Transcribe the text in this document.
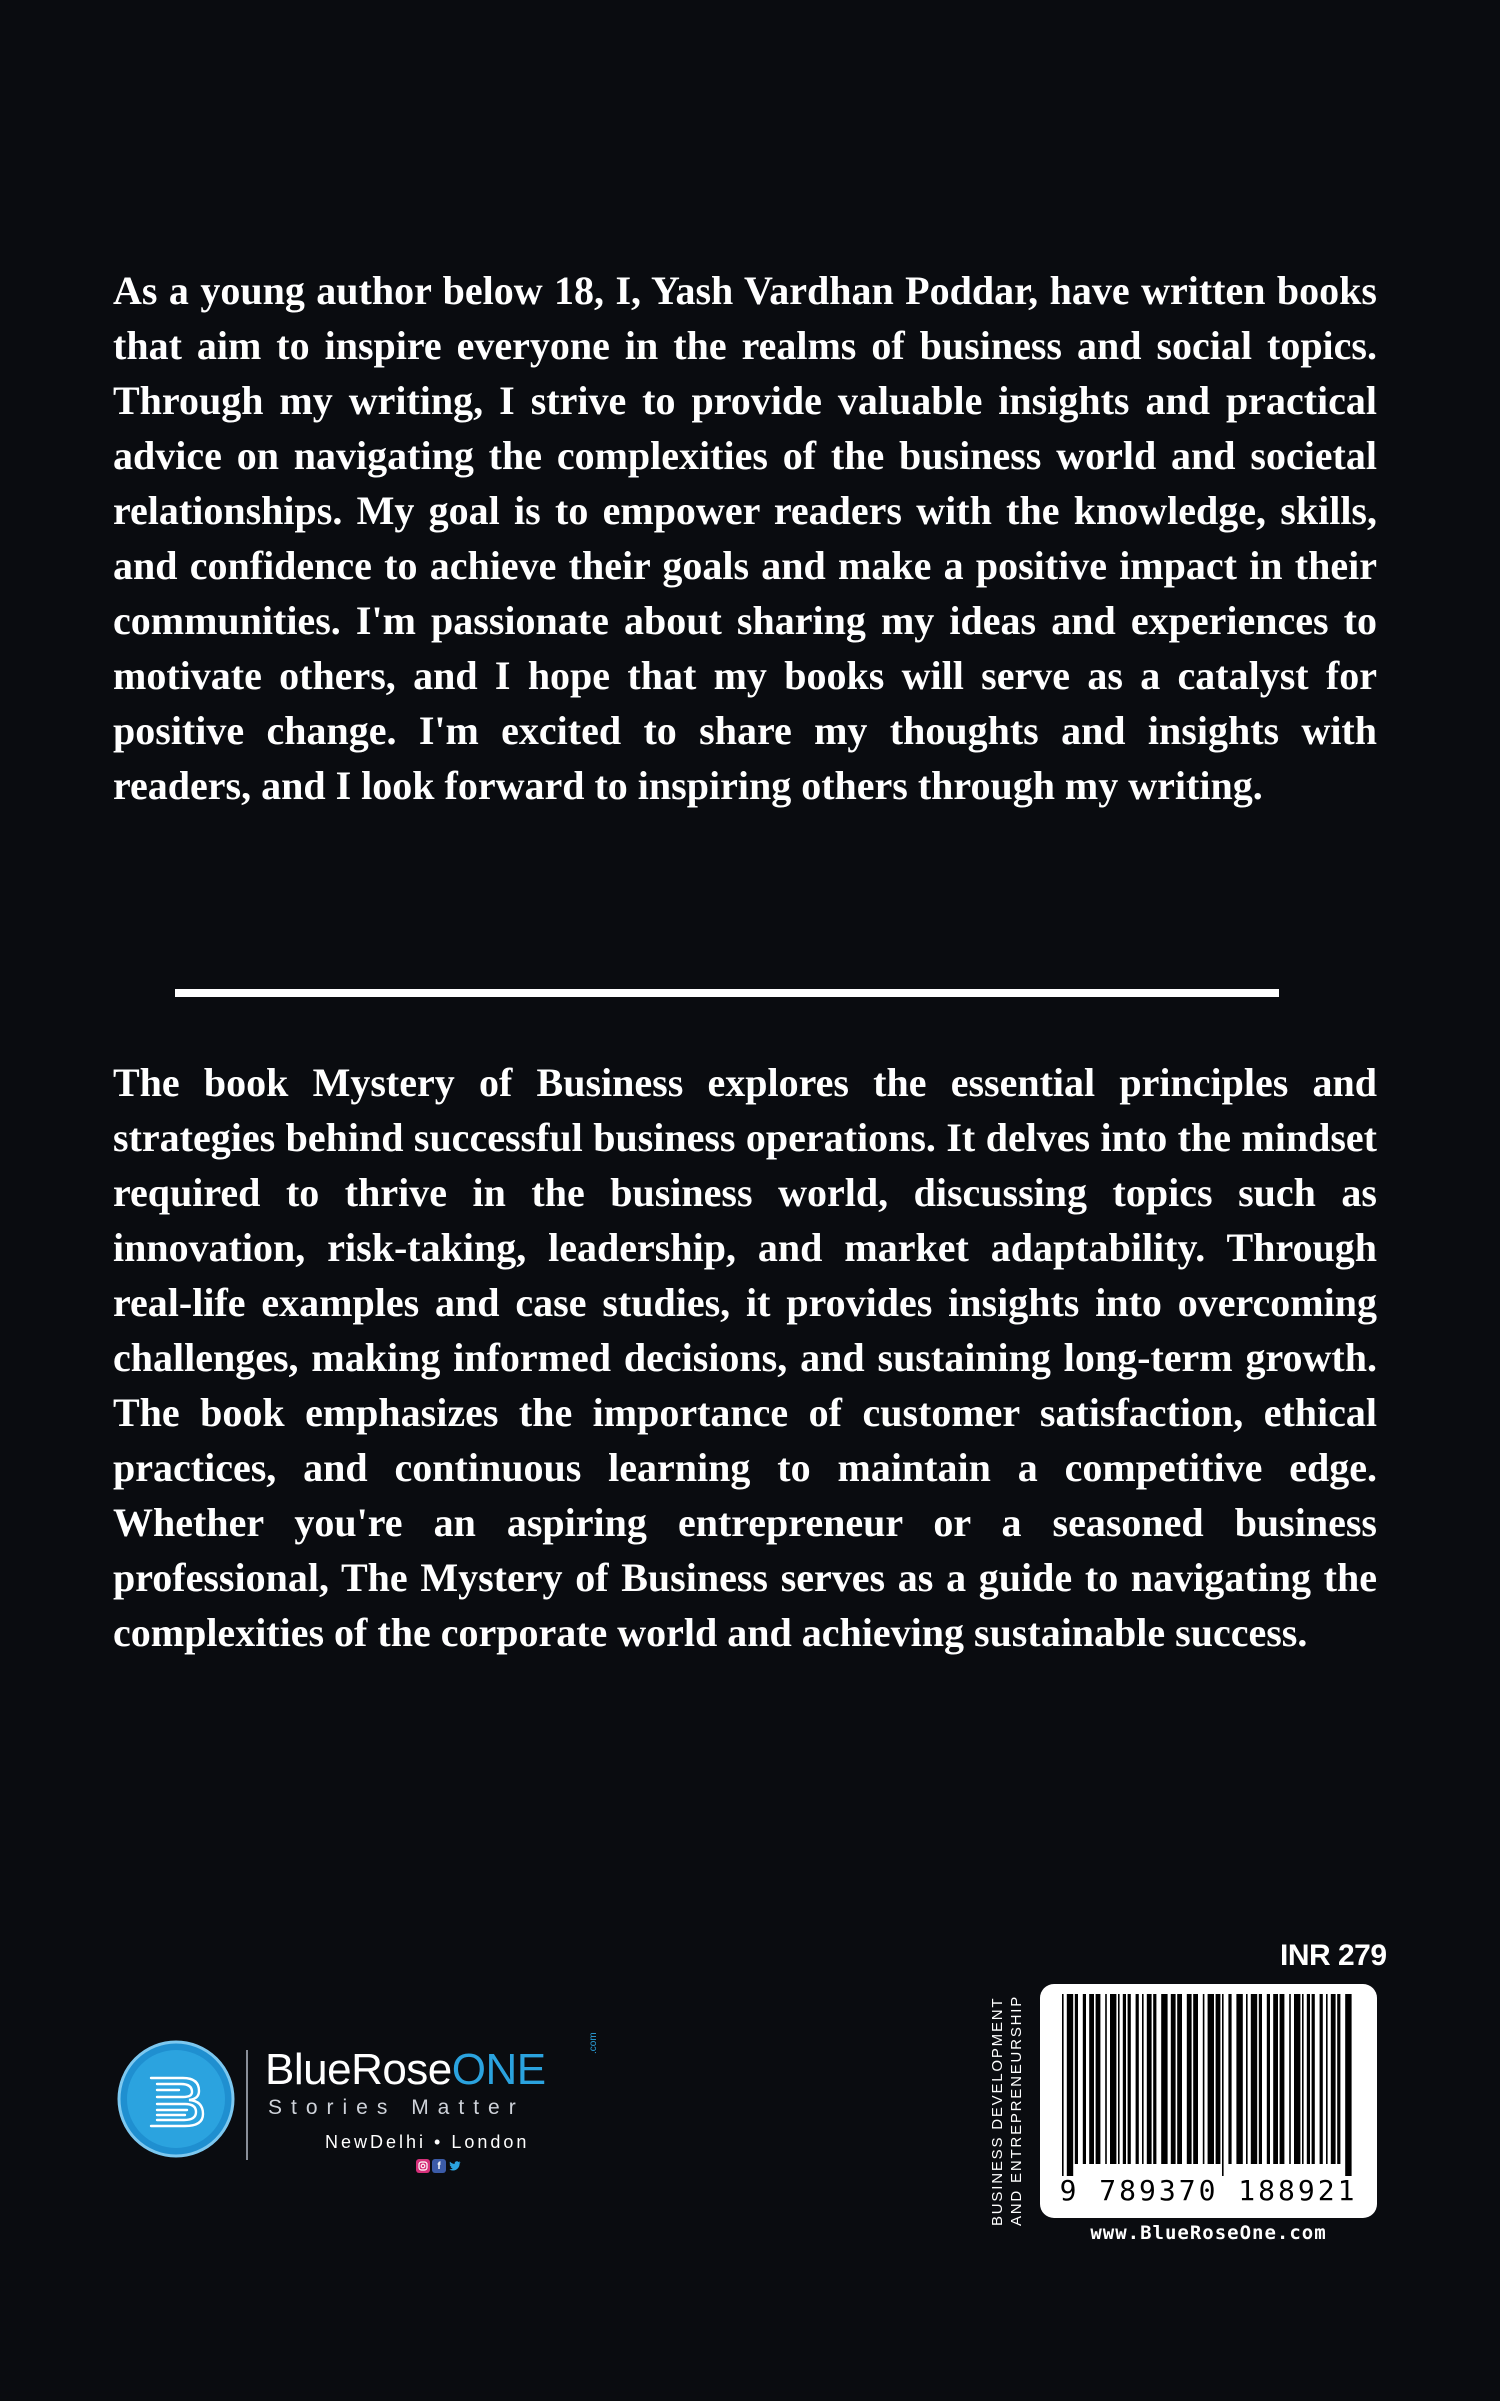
As a young author below 18, I, Yash Vardhan Poddar, have written books that aim to inspire everyone in the realms of business and social topics. Through my writing, I strive to provide valuable insights and practical advice on navigating the complexities of the business world and societal relationships. My goal is to empower readers with the knowledge, skills, and confidence to achieve their goals and make a positive impact in their communities. I'm passionate about sharing my ideas and experiences to motivate others, and I hope that my books will serve as a catalyst for positive change. I'm excited to share my thoughts and insights with readers, and I look forward to inspiring others through my writing.

The book Mystery of Business explores the essential principles and strategies behind successful business operations. It delves into the mindset required to thrive in the business world, discussing topics such as innovation, risk-taking, leadership, and market adaptability. Through real-life examples and case studies, it provides insights into overcoming challenges, making informed decisions, and sustaining long-term growth. The book emphasizes the importance of customer satisfaction, ethical practices, and continuous learning to maintain a competitive edge. Whether you're an aspiring entrepreneur or a seasoned business professional, The Mystery of Business serves as a guide to navigating the complexities of the corporate world and achieving sustainable success.

BlueRoseONE
.com
Stories Matter
NewDelhi • London
f
INR 279
BUSINESS DEVELOPMENT AND ENTREPRENEURSHIP	9 789370 188921
www.BlueRoseOne.com
